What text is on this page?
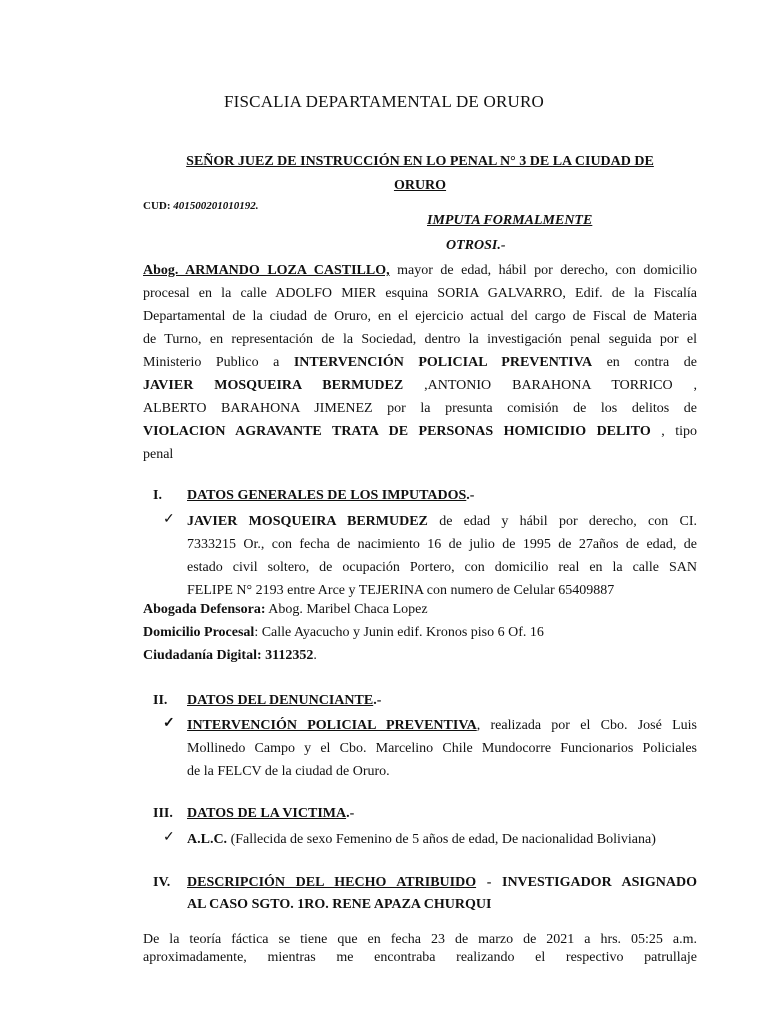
FISCALIA DEPARTAMENTAL DE ORURO
SEÑOR JUEZ DE INSTRUCCIÓN EN LO PENAL N° 3 DE LA CIUDAD DE
ORURO
CUD: 401500201010192.
IMPUTA FORMALMENTE
OTROSI.-
Abog. ARMANDO LOZA CASTILLO, mayor de edad, hábil por derecho, con domicilio
procesal en la calle ADOLFO MIER esquina SORIA GALVARRO, Edif. de la Fiscalía
Departamental de la ciudad de Oruro, en el ejercicio actual del cargo de Fiscal de Materia
de Turno, en representación de la Sociedad, dentro la investigación penal seguida por el
Ministerio Publico a INTERVENCIÓN POLICIAL PREVENTIVA en contra de
JAVIER MOSQUEIRA BERMUDEZ ,ANTONIO BARAHONA TORRICO ,
ALBERTO BARAHONA JIMENEZ por la presunta comisión de los delitos de
VIOLACION AGRAVANTE TRATA DE PERSONAS HOMICIDIO DELITO , tipo
penal
I. DATOS GENERALES DE LOS IMPUTADOS.-
✓ JAVIER MOSQUEIRA BERMUDEZ de edad y hábil por derecho, con CI.
7333215 Or., con fecha de nacimiento 16 de julio de 1995 de 27años de edad, de
estado civil soltero, de ocupación Portero, con domicilio real en la calle SAN
FELIPE N° 2193 entre Arce y TEJERINA con numero de Celular 65409887
Abogada Defensora: Abog. Maribel Chaca Lopez
Domicilio Procesal: Calle Ayacucho y Junin edif. Kronos piso 6 Of. 16
Ciudadanía Digital: 3112352.
II. DATOS DEL DENUNCIANTE.-
✓ INTERVENCIÓN POLICIAL PREVENTIVA, realizada por el Cbo. José Luis
Mollinedo Campo y el Cbo. Marcelino Chile Mundocorre Funcionarios Policiales
de la FELCV de la ciudad de Oruro.
III. DATOS DE LA VICTIMA.-
✓ A.L.C. (Fallecida de sexo Femenino de 5 años de edad, De nacionalidad Boliviana)
IV. DESCRIPCIÓN DEL HECHO ATRIBUIDO - INVESTIGADOR ASIGNADO
AL CASO SGTO. 1RO. RENE APAZA CHURQUI
De la teoría fáctica se tiene que en fecha 23 de marzo de 2021 a hrs. 05:25 a.m.
aproximadamente, mientras me encontraba realizando el respectivo patrullaje
